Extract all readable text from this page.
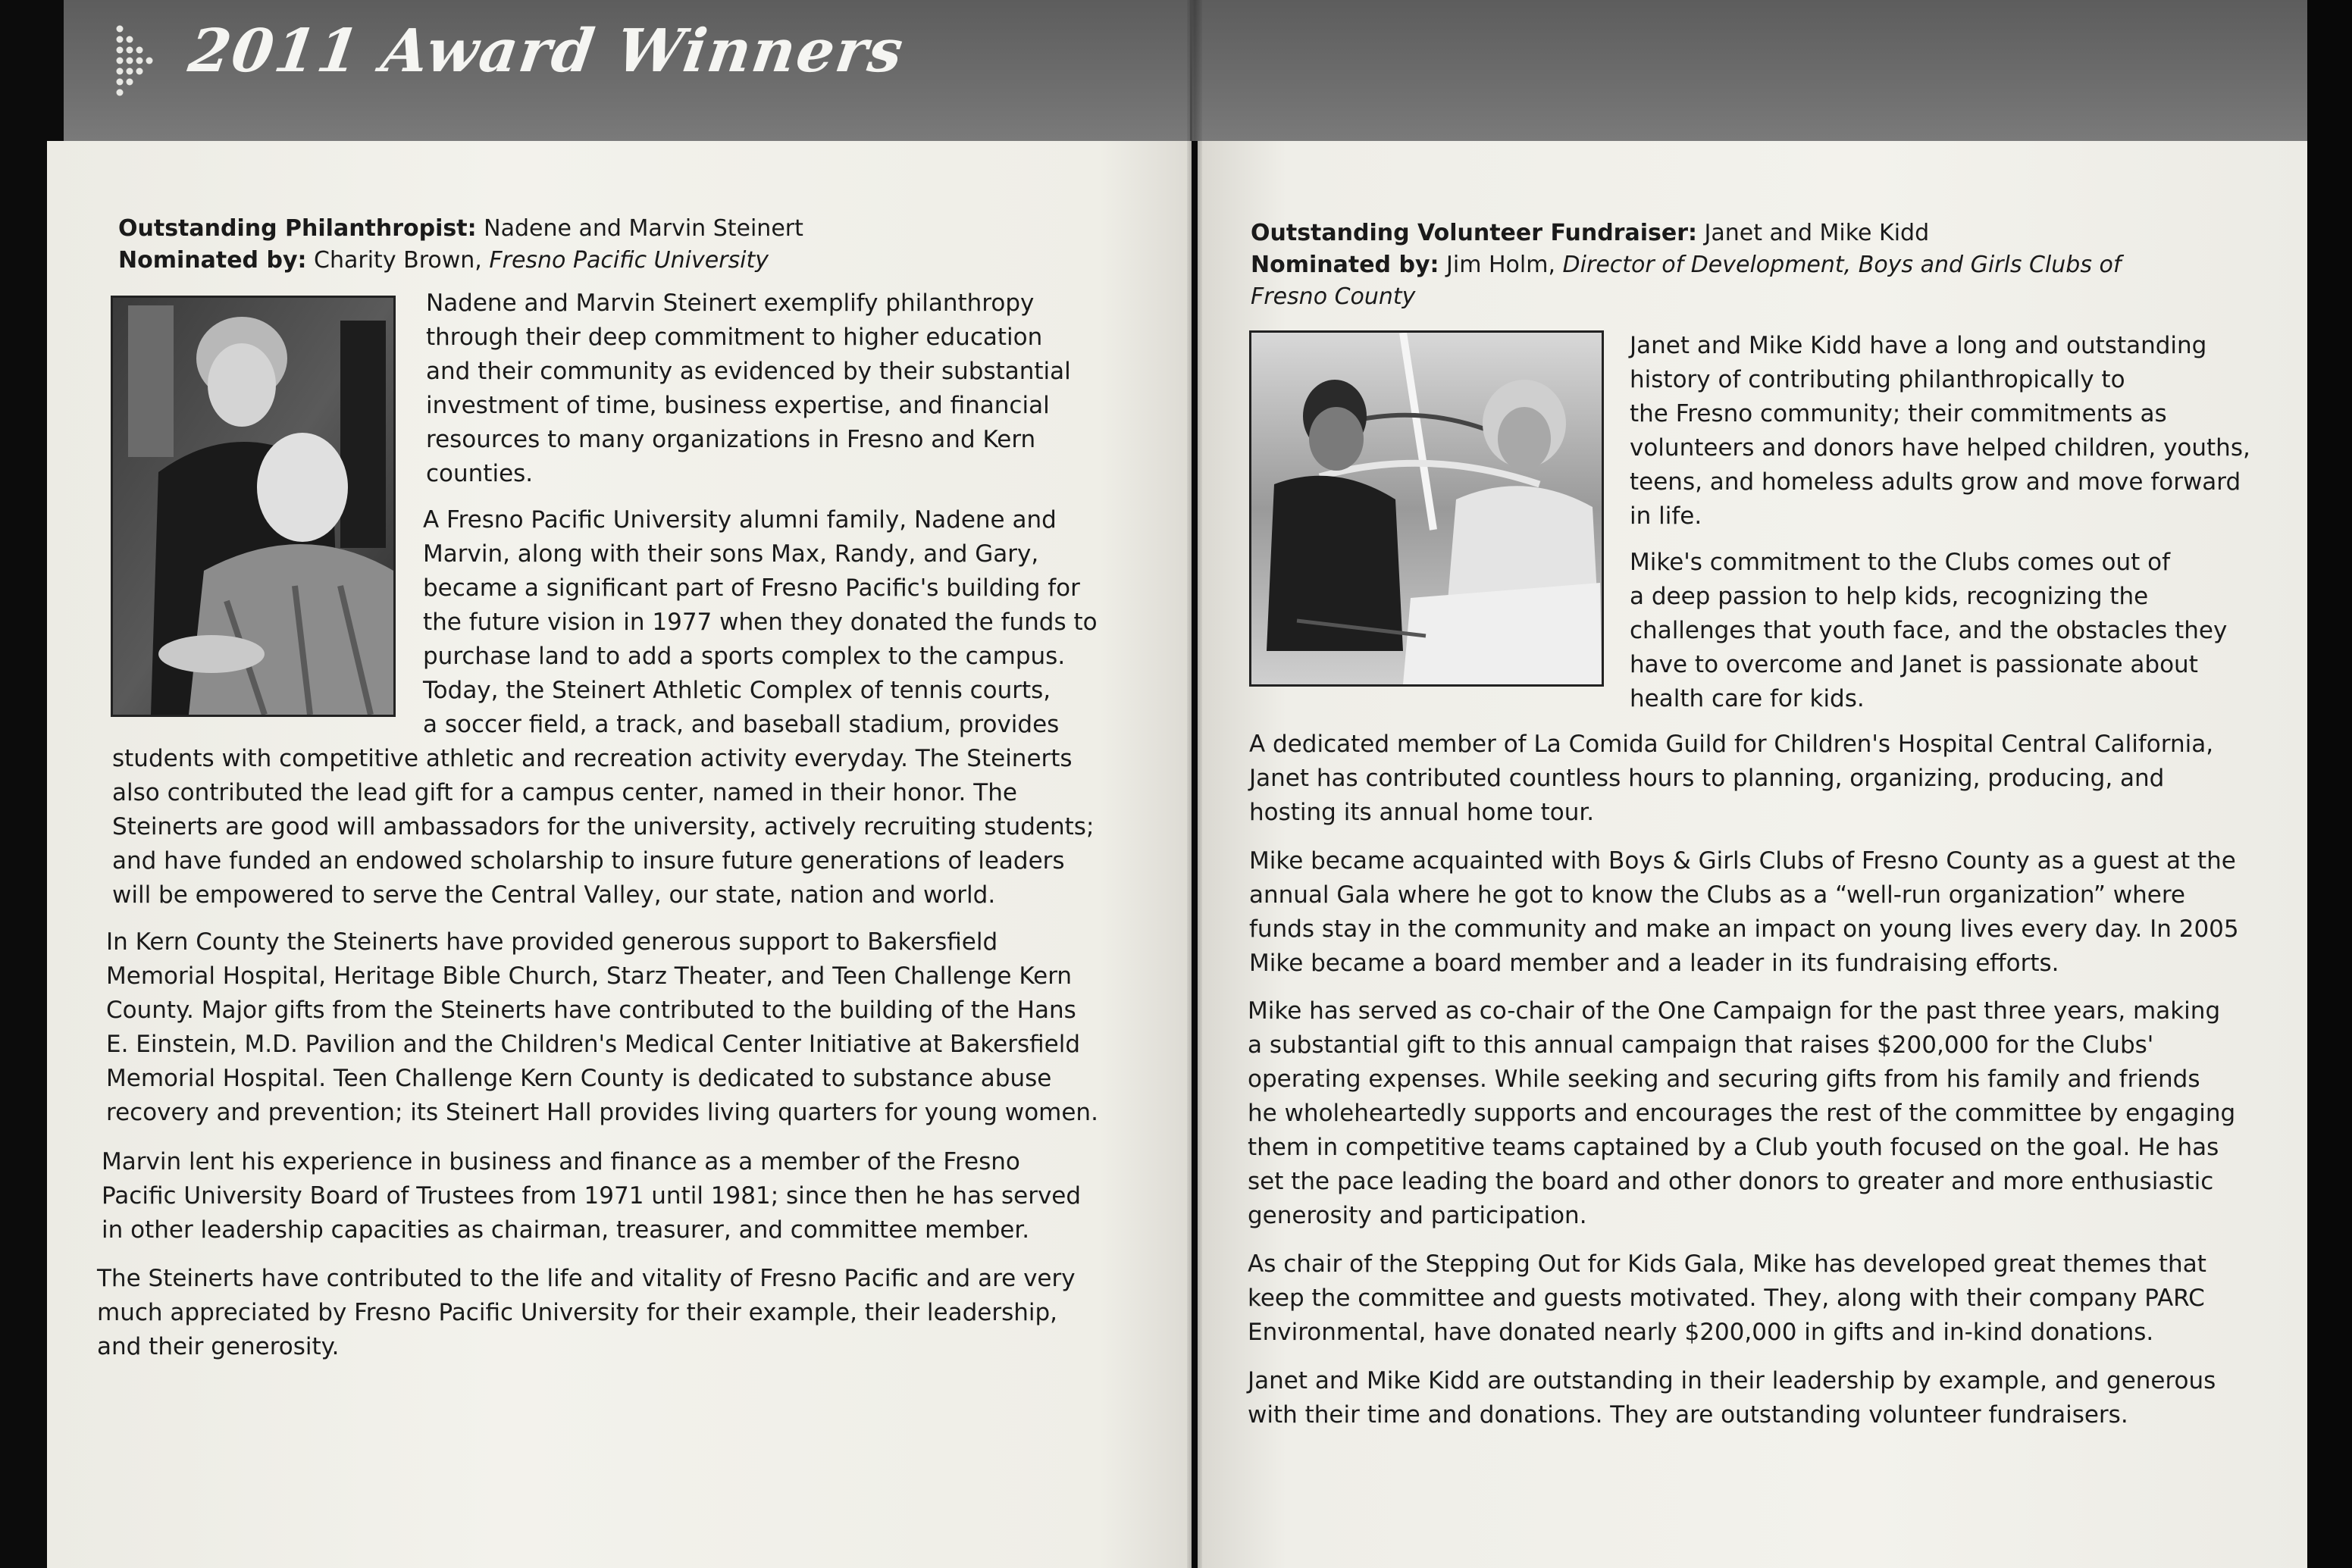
2011 Award Winners
Outstanding Philanthropist: Nadene and Marvin Steinert
Nominated by: Charity Brown, Fresno Pacific University
Nadene and Marvin Steinert exemplify philanthropy
through their deep commitment to higher education
and their community as evidenced by their substantial
investment of time, business expertise, and financial
resources to many organizations in Fresno and Kern
counties.
A Fresno Pacific University alumni family, Nadene and
Marvin, along with their sons Max, Randy, and Gary,
became a significant part of Fresno Pacific's building for
the future vision in 1977 when they donated the funds to
purchase land to add a sports complex to the campus.
Today, the Steinert Athletic Complex of tennis courts,
a soccer field, a track, and baseball stadium, provides
students with competitive athletic and recreation activity everyday. The Steinerts
also contributed the lead gift for a campus center, named in their honor. The
Steinerts are good will ambassadors for the university, actively recruiting students;
and have funded an endowed scholarship to insure future generations of leaders
will be empowered to serve the Central Valley, our state, nation and world.
In Kern County the Steinerts have provided generous support to Bakersfield
Memorial Hospital, Heritage Bible Church, Starz Theater, and Teen Challenge Kern
County. Major gifts from the Steinerts have contributed to the building of the Hans
E. Einstein, M.D. Pavilion and the Children's Medical Center Initiative at Bakersfield
Memorial Hospital. Teen Challenge Kern County is dedicated to substance abuse
recovery and prevention; its Steinert Hall provides living quarters for young women.
Marvin lent his experience in business and finance as a member of the Fresno
Pacific University Board of Trustees from 1971 until 1981; since then he has served
in other leadership capacities as chairman, treasurer, and committee member.
The Steinerts have contributed to the life and vitality of Fresno Pacific and are very
much appreciated by Fresno Pacific University for their example, their leadership,
and their generosity.
Outstanding Volunteer Fundraiser: Janet and Mike Kidd
Nominated by: Jim Holm, Director of Development, Boys and Girls Clubs of
Fresno County
Janet and Mike Kidd have a long and outstanding
history of contributing philanthropically to
the Fresno community; their commitments as
volunteers and donors have helped children, youths,
teens, and homeless adults grow and move forward
in life.
Mike's commitment to the Clubs comes out of
a deep passion to help kids, recognizing the
challenges that youth face, and the obstacles they
have to overcome and Janet is passionate about
health care for kids.
A dedicated member of La Comida Guild for Children's Hospital Central California,
Janet has contributed countless hours to planning, organizing, producing, and
hosting its annual home tour.
Mike became acquainted with Boys & Girls Clubs of Fresno County as a guest at the
annual Gala where he got to know the Clubs as a “well-run organization” where
funds stay in the community and make an impact on young lives every day. In 2005
Mike became a board member and a leader in its fundraising efforts.
Mike has served as co-chair of the One Campaign for the past three years, making
a substantial gift to this annual campaign that raises $200,000 for the Clubs'
operating expenses. While seeking and securing gifts from his family and friends
he wholeheartedly supports and encourages the rest of the committee by engaging
them in competitive teams captained by a Club youth focused on the goal. He has
set the pace leading the board and other donors to greater and more enthusiastic
generosity and participation.
As chair of the Stepping Out for Kids Gala, Mike has developed great themes that
keep the committee and guests motivated. They, along with their company PARC
Environmental, have donated nearly $200,000 in gifts and in-kind donations.
Janet and Mike Kidd are outstanding in their leadership by example, and generous
with their time and donations. They are outstanding volunteer fundraisers.
